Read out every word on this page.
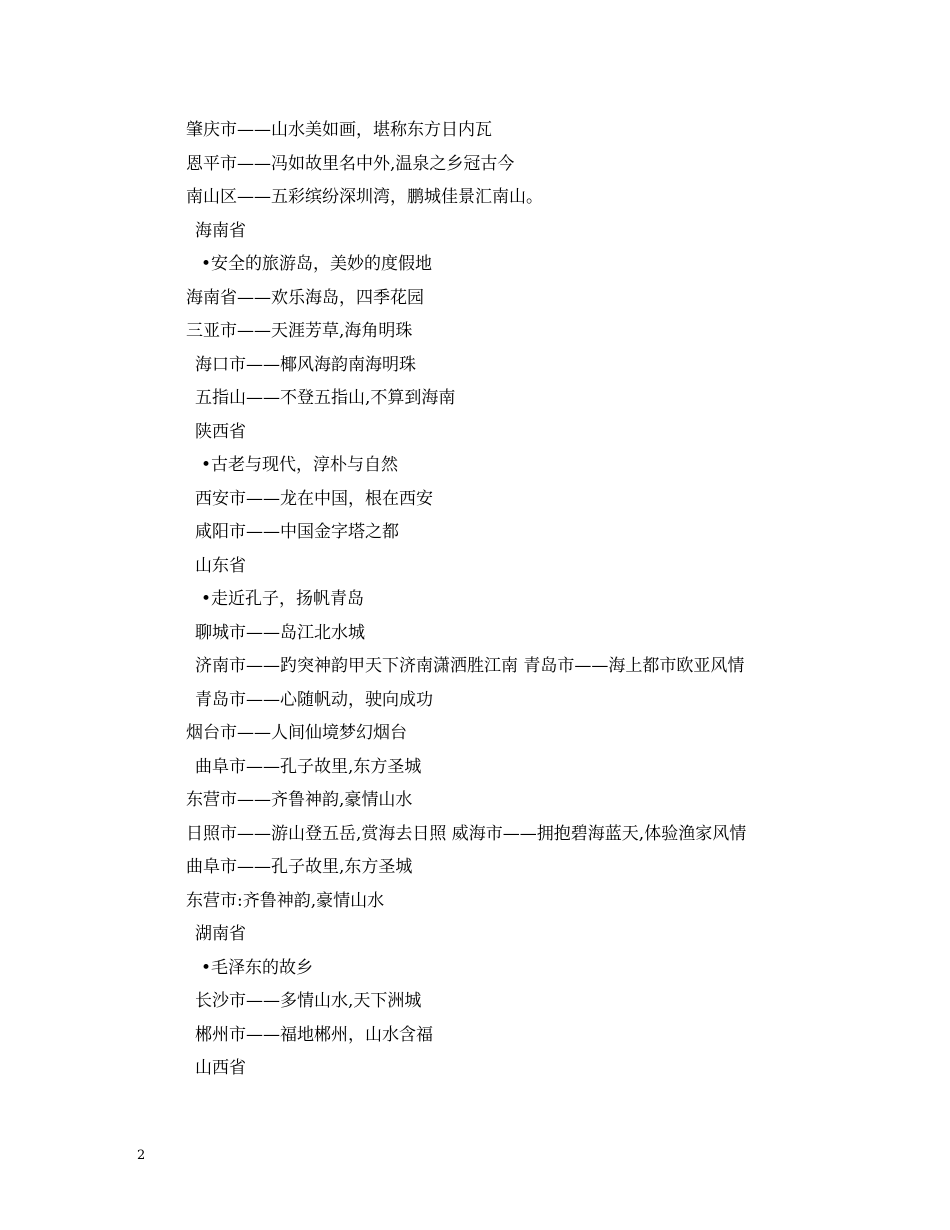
肇庆市——山水美如画，堪称东方日内瓦
恩平市——冯如故里名中外,温泉之乡冠古今
南山区——五彩缤纷深圳湾，鹏城佳景汇南山。
海南省
•安全的旅游岛，美妙的度假地
海南省——欢乐海岛，四季花园
三亚市——天涯芳草,海角明珠
海口市——椰风海韵南海明珠
五指山——不登五指山,不算到海南
陕西省
•古老与现代，淳朴与自然
西安市——龙在中国，根在西安
咸阳市——中国金字塔之都
山东省
•走近孔子，扬帆青岛
聊城市——岛江北水城
济南市——趵突神韵甲天下济南潇洒胜江南 青岛市——海上都市欧亚风情
青岛市——心随帆动，驶向成功
烟台市——人间仙境梦幻烟台
曲阜市——孔子故里,东方圣城
东营市——齐鲁神韵,豪情山水
日照市——游山登五岳,赏海去日照 威海市——拥抱碧海蓝天,体验渔家风情
曲阜市——孔子故里,东方圣城
东营市:齐鲁神韵,豪情山水
湖南省
•毛泽东的故乡
长沙市——多情山水,天下洲城
郴州市——福地郴州，山水含福
山西省
2
